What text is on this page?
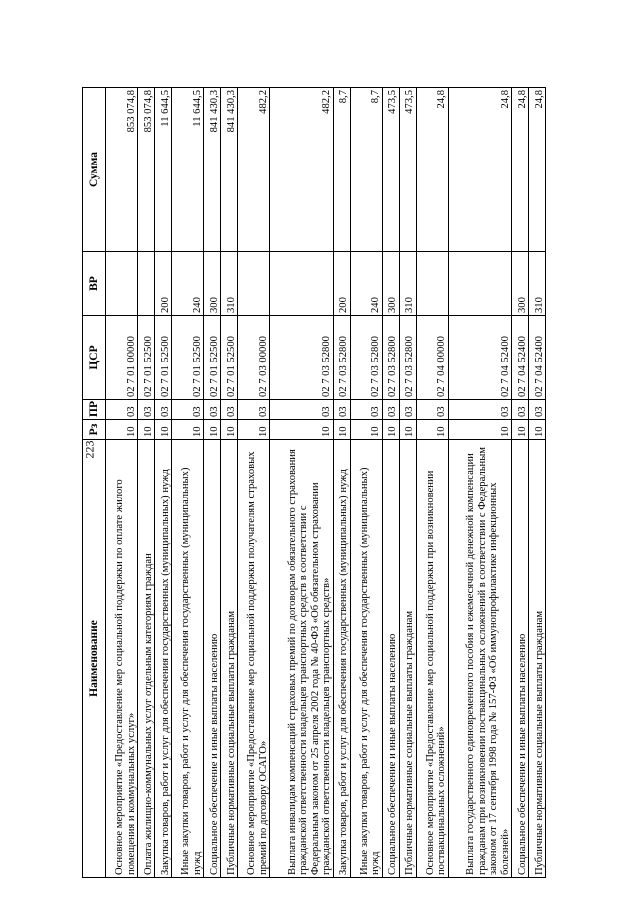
223
Наименование	Рз	ПР	ЦСР	ВР	Сумма
Основное мероприятие «Предоставление мер социальной поддержки по оплате жилого помещения и коммунальных услуг»	10	03	02 7 01 00000		853 074,8
Оплата жилищно-коммунальных услуг отдельным категориям граждан	10	03	02 7 01 52500		853 074,8
Закупка товаров, работ и услуг для обеспечения государственных (муниципальных) нужд	10	03	02 7 01 52500	200	11 644,5
Иные закупки товаров, работ и услуг для обеспечения государственных (муниципальных) нужд	10	03	02 7 01 52500	240	11 644,5
Социальное обеспечение и иные выплаты населению	10	03	02 7 01 52500	300	841 430,3
Публичные нормативные социальные выплаты гражданам	10	03	02 7 01 52500	310	841 430,3
Основное мероприятие «Предоставление мер социальной поддержки получателям страховых премий по договору ОСАГО»	10	03	02 7 03 00000		482,2
Выплата инвалидам компенсаций страховых премий по договорам обязательного страхования гражданской ответственности владельцев транспортных средств в соответствии с Федеральным законом от 25 апреля 2002 года № 40-ФЗ «Об обязательном страховании гражданской ответственности владельцев транспортных средств»	10	03	02 7 03 52800		482,2
Закупка товаров, работ и услуг для обеспечения государственных (муниципальных) нужд	10	03	02 7 03 52800	200	8,7
Иные закупки товаров, работ и услуг для обеспечения государственных (муниципальных) нужд	10	03	02 7 03 52800	240	8,7
Социальное обеспечение и иные выплаты населению	10	03	02 7 03 52800	300	473,5
Публичные нормативные социальные выплаты гражданам	10	03	02 7 03 52800	310	473,5
Основное мероприятие «Предоставление мер социальной поддержки при возникновении поствакцинальных осложнений»	10	03	02 7 04 00000		24,8
Выплата государственного единовременного пособия и ежемесячной денежной компенсации гражданам при возникновении поствакцинальных осложнений в соответствии с Федеральным законом от 17 сентября 1998 года № 157-ФЗ «Об иммунопрофилактике инфекционных болезней»	10	03	02 7 04 52400		24,8
Социальное обеспечение и иные выплаты населению	10	03	02 7 04 52400	300	24,8
Публичные нормативные социальные выплаты гражданам	10	03	02 7 04 52400	310	24,8
